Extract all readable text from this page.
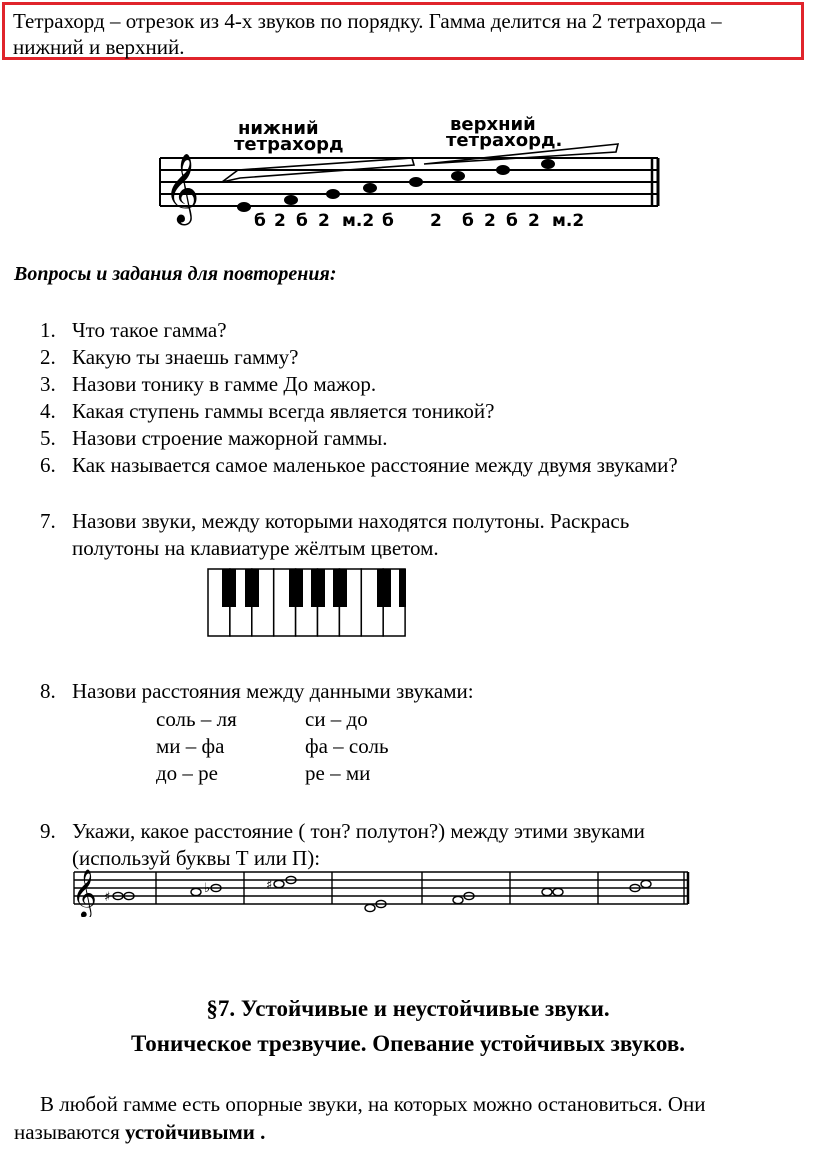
Тетрахорд – отрезок из 4-х звуков по порядку. Гамма делится на 2 тетрахорда – нижний и верхний.
𝄞
нижний
тетрахорд
верхний
тетрахорд.
б 2 б 2 м.2 б 2 б 2 б 2 м.2
Вопросы и задания для повторения:
1. Что такое гамма?
2. Какую ты знаешь гамму?
3. Назови тонику в гамме До мажор.
4. Какая ступень гаммы всегда является тоникой?
5. Назови строение мажорной гаммы.
6. Как называется самое маленькое расстояние между двумя звуками?
7. Назови звуки, между которыми находятся полутоны. Раскрась
полутоны на клавиатуре жёлтым цветом.
8. Назови расстояния между данными звуками:
соль – ля	си – до
ми – фа	фа – соль
до – ре	ре – ми
9. Укажи, какое расстояние ( тон? полутон?) между этими звуками
(используй буквы Т или П):
𝄞 ♯
♭	♯
§7. Устойчивые и неустойчивые звуки.
Тоническое трезвучие. Опевание устойчивых звуков.
В любой гамме есть опорные звуки, на которых можно остановиться. Они
называются устойчивыми .
